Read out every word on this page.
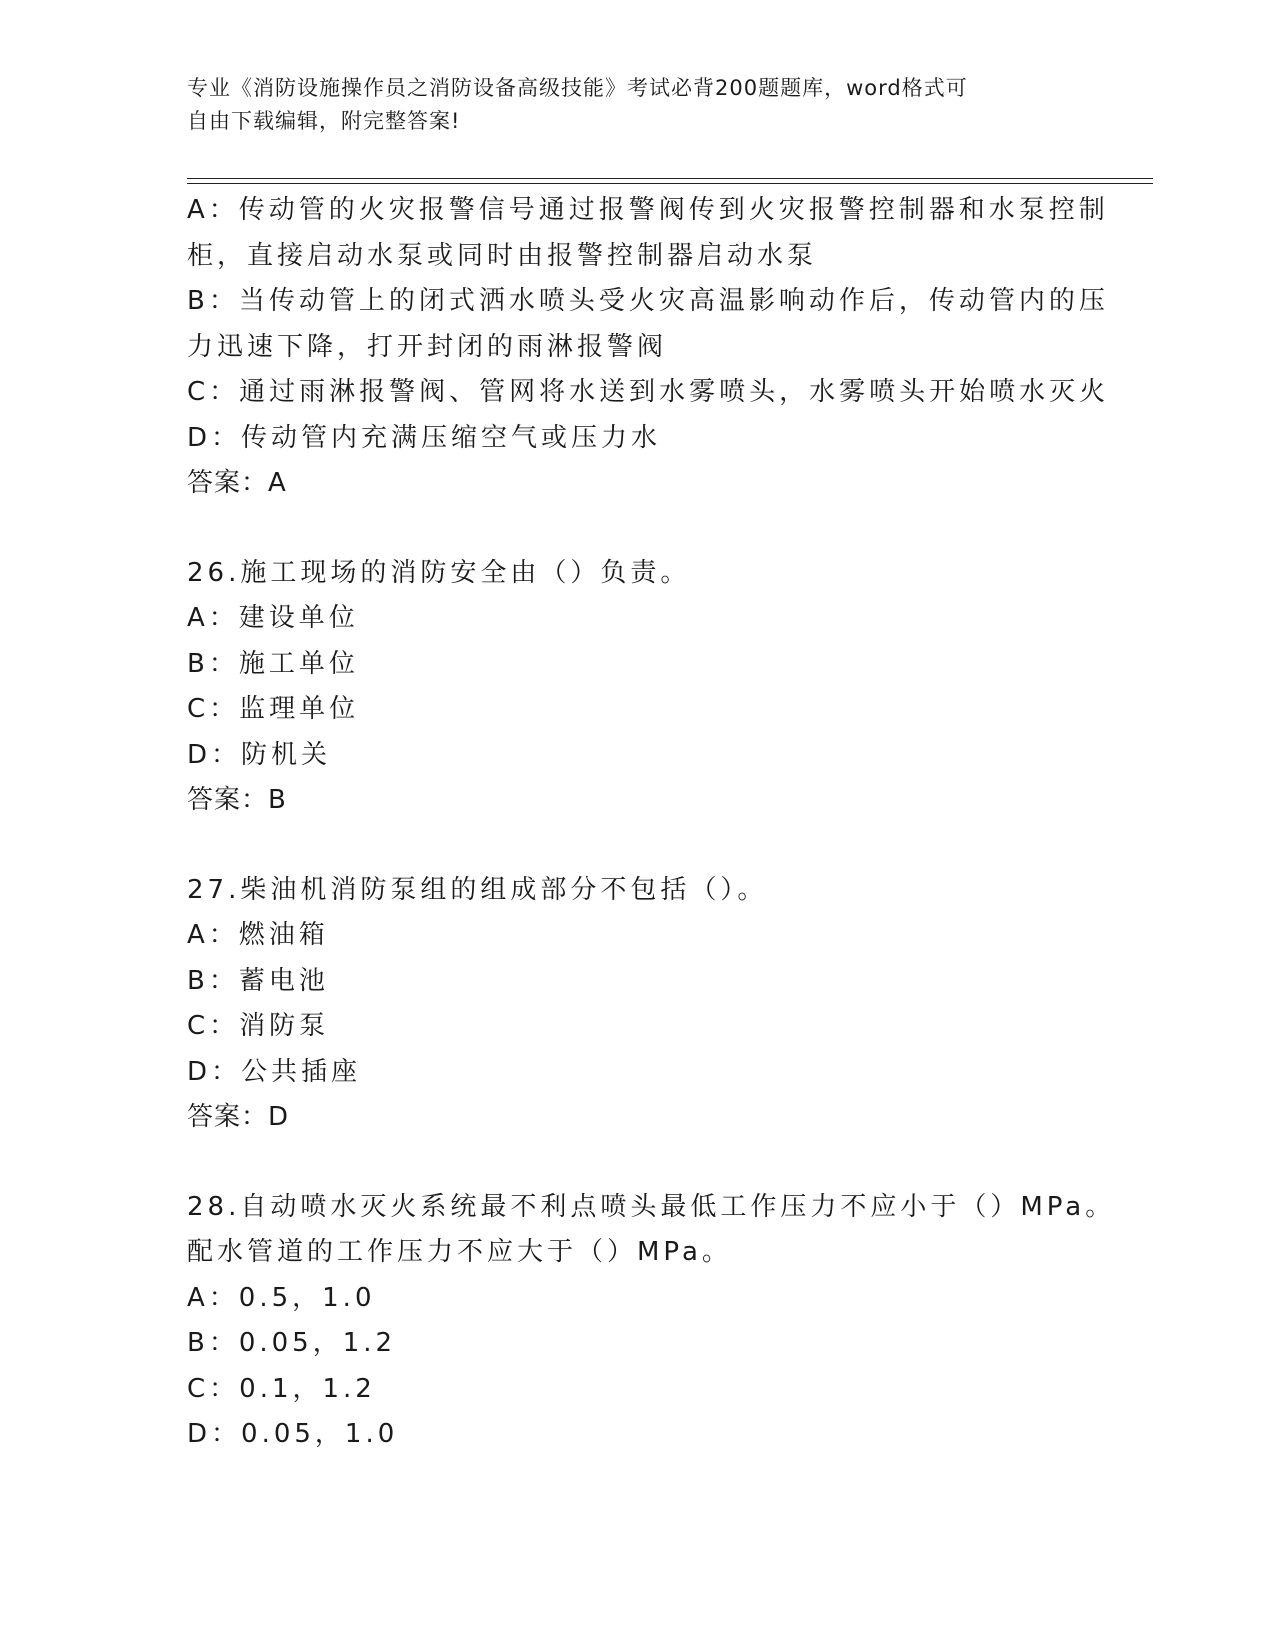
专业《消防设施操作员之消防设备高级技能》考试必背200题题库，word格式可
自由下载编辑，附完整答案!
A：传动管的火灾报警信号通过报警阀传到火灾报警控制器和水泵控制
柜，直接启动水泵或同时由报警控制器启动水泵
B：当传动管上的闭式洒水喷头受火灾高温影响动作后，传动管内的压
力迅速下降，打开封闭的雨淋报警阀
C：通过雨淋报警阀、管网将水送到水雾喷头，水雾喷头开始喷水灭火
D：传动管内充满压缩空气或压力水
答案：A
26.施工现场的消防安全由（）负责。
A：建设单位
B：施工单位
C：监理单位
D：防机关
答案：B
27.柴油机消防泵组的组成部分不包括（）。
A：燃油箱
B：蓄电池
C：消防泵
D：公共插座
答案：D
28.自动喷水灭火系统最不利点喷头最低工作压力不应小于（）MPa。
配水管道的工作压力不应大于（）MPa。
A：0.5，1.0
B：0.05，1.2
C：0.1，1.2
D：0.05，1.0
